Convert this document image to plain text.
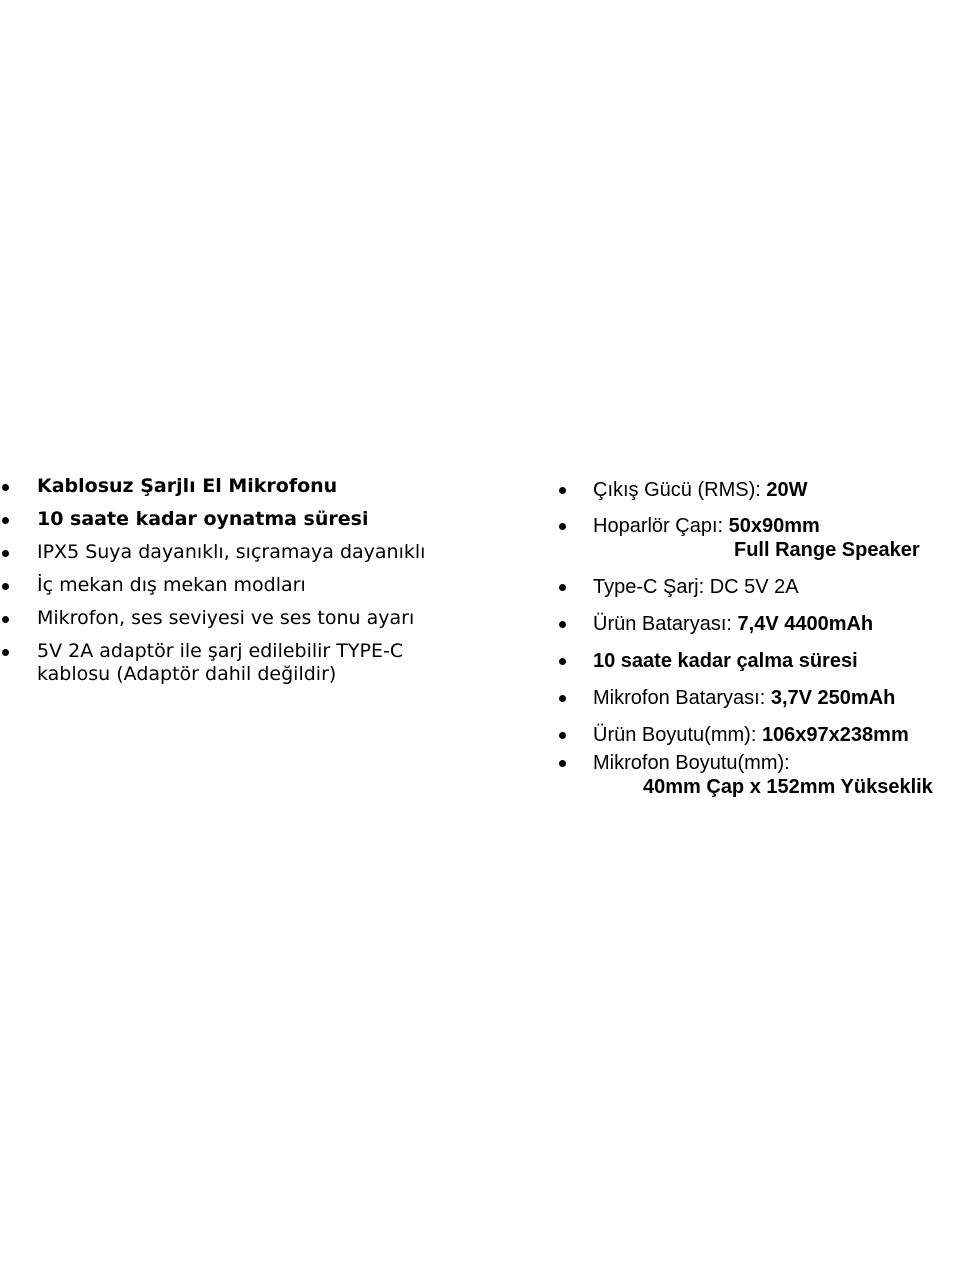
Kablosuz Şarjlı El Mikrofonu
10 saate kadar oynatma süresi
IPX5 Suya dayanıklı, sıçramaya dayanıklı
İç mekan dış mekan modları
Mikrofon, ses seviyesi ve ses tonu ayarı
5V 2A adaptör ile şarj edilebilir TYPE-C
kablosu (Adaptör dahil değildir)
Çıkış Gücü (RMS): 20W
Hoparlör Çapı: 50x90mm
Full Range Speaker
Type-C Şarj: DC 5V 2A
Ürün Bataryası: 7,4V 4400mAh
10 saate kadar çalma süresi
Mikrofon Bataryası: 3,7V 250mAh
Ürün Boyutu(mm): 106x97x238mm
Mikrofon Boyutu(mm):
40mm Çap x 152mm Yükseklik
